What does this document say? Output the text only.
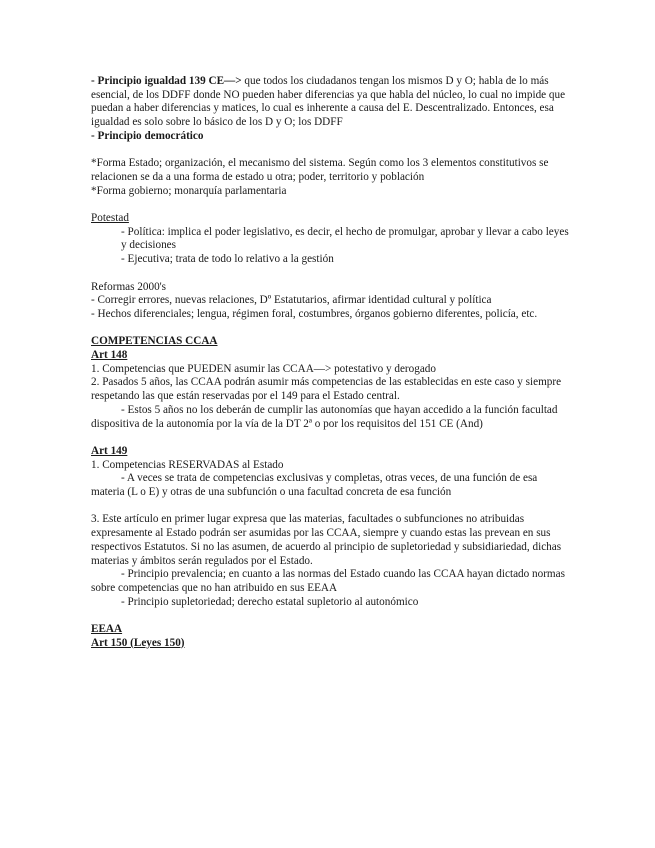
- Principio igualdad 139 CE—> que todos los ciudadanos tengan los mismos D y O; habla de lo más esencial, de los DDFF donde NO pueden haber diferencias ya que habla del núcleo, lo cual no impide que puedan a haber diferencias y matices, lo cual es inherente a causa del E. Descentralizado. Entonces, esa igualdad es solo sobre lo básico de los D y O; los DDFF

- Principio democrático

*Forma Estado; organización, el mecanismo del sistema. Según como los 3 elementos constitutivos se relacionen se da a una forma de estado u otra; poder, territorio y población

*Forma gobierno; monarquía parlamentaria

Potestad

- Política: implica el poder legislativo, es decir, el hecho de promulgar, aprobar y llevar a cabo leyes y decisiones

- Ejecutiva; trata de todo lo relativo a la gestión

Reformas 2000's

- Corregir errores, nuevas relaciones, Dº Estatutarios, afirmar identidad cultural y política

- Hechos diferenciales; lengua, régimen foral, costumbres, órganos gobierno diferentes, policía, etc.

COMPETENCIAS CCAA

Art 148

1. Competencias que PUEDEN asumir las CCAA—> potestativo y derogado

2. Pasados 5 años, las CCAA podrán asumir más competencias de las establecidas en este caso y siempre respetando las que están reservadas por el 149 para el Estado central.

- Estos 5 años no los deberán de cumplir las autonomías que hayan accedido a la función facultad dispositiva de la autonomía por la vía de la DT 2ª o por los requisitos del 151 CE (And)

Art 149

1. Competencias RESERVADAS al Estado

- A veces se trata de competencias exclusivas y completas, otras veces, de una función de esa materia (L o E) y otras de una subfunción o una facultad concreta de esa función

3. Este artículo en primer lugar expresa que las materias, facultades o subfunciones no atribuidas expresamente al Estado podrán ser asumidas por las CCAA, siempre y cuando estas las prevean en sus respectivos Estatutos. Si no las asumen, de acuerdo al principio de supletoriedad y subsidiariedad, dichas materias y ámbitos serán regulados por el Estado.

- Principio prevalencia; en cuanto a las normas del Estado cuando las CCAA hayan dictado normas sobre competencias que no han atribuido en sus EEAA

- Principio supletoriedad; derecho estatal supletorio al autonómico

EEAA

Art 150 (Leyes 150)
